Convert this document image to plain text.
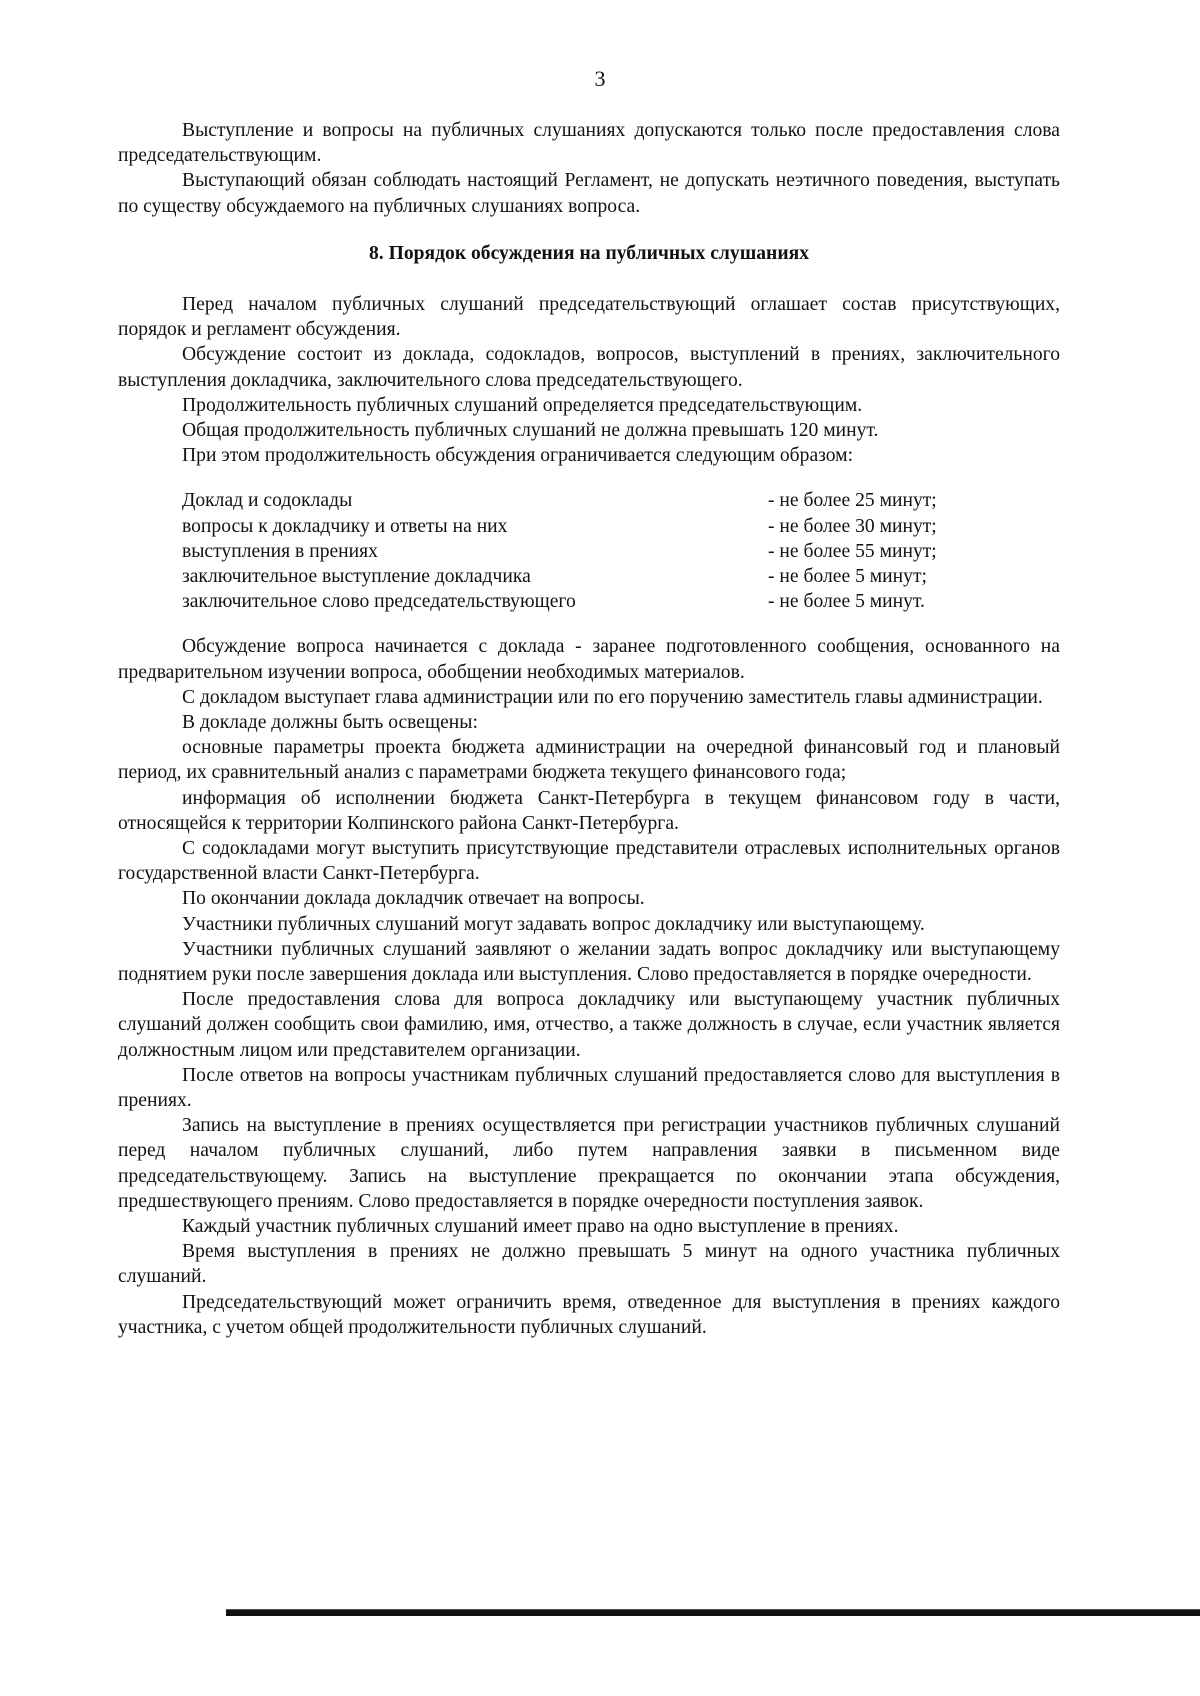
3

Выступление и вопросы на публичных слушаниях допускаются только после предоставления слова председательствующим.

Выступающий обязан соблюдать настоящий Регламент, не допускать неэтичного поведения, выступать по существу обсуждаемого на публичных слушаниях вопроса.

8. Порядок обсуждения на публичных слушаниях

Перед началом публичных слушаний председательствующий оглашает состав присутствующих, порядок и регламент обсуждения.

Обсуждение состоит из доклада, содокладов, вопросов, выступлений в прениях, заключительного выступления докладчика, заключительного слова председательствующего.

Продолжительность публичных слушаний определяется председательствующим.

Общая продолжительность публичных слушаний не должна превышать 120 минут.

При этом продолжительность обсуждения ограничивается следующим образом:

Доклад и содоклады	- не более 25 минут;
вопросы к докладчику и ответы на них	- не более 30 минут;
выступления в прениях	- не более 55 минут;
заключительное выступление докладчика	- не более 5 минут;
заключительное слово председательствующего	- не более 5 минут.

Обсуждение вопроса начинается с доклада - заранее подготовленного сообщения, основанного на предварительном изучении вопроса, обобщении необходимых материалов.

С докладом выступает глава администрации или по его поручению заместитель главы администрации.

В докладе должны быть освещены:

основные параметры проекта бюджета администрации на очередной финансовый год и плановый период, их сравнительный анализ с параметрами бюджета текущего финансового года;

информация об исполнении бюджета Санкт-Петербурга в текущем финансовом году в части, относящейся к территории Колпинского района Санкт-Петербурга.

С содокладами могут выступить присутствующие представители отраслевых исполнительных органов государственной власти Санкт-Петербурга.

По окончании доклада докладчик отвечает на вопросы.

Участники публичных слушаний могут задавать вопрос докладчику или выступающему.

Участники публичных слушаний заявляют о желании задать вопрос докладчику или выступающему поднятием руки после завершения доклада или выступления. Слово предоставляется в порядке очередности.

После предоставления слова для вопроса докладчику или выступающему участник публичных слушаний должен сообщить свои фамилию, имя, отчество, а также должность в случае, если участник является должностным лицом или представителем организации.

После ответов на вопросы участникам публичных слушаний предоставляется слово для выступления в прениях.

Запись на выступление в прениях осуществляется при регистрации участников публичных слушаний перед началом публичных слушаний, либо путем направления заявки в письменном виде председательствующему. Запись на выступление прекращается по окончании этапа обсуждения, предшествующего прениям. Слово предоставляется в порядке очередности поступления заявок.

Каждый участник публичных слушаний имеет право на одно выступление в прениях.

Время выступления в прениях не должно превышать 5 минут на одного участника публичных слушаний.

Председательствующий может ограничить время, отведенное для выступления в прениях каждого участника, с учетом общей продолжительности публичных слушаний.
